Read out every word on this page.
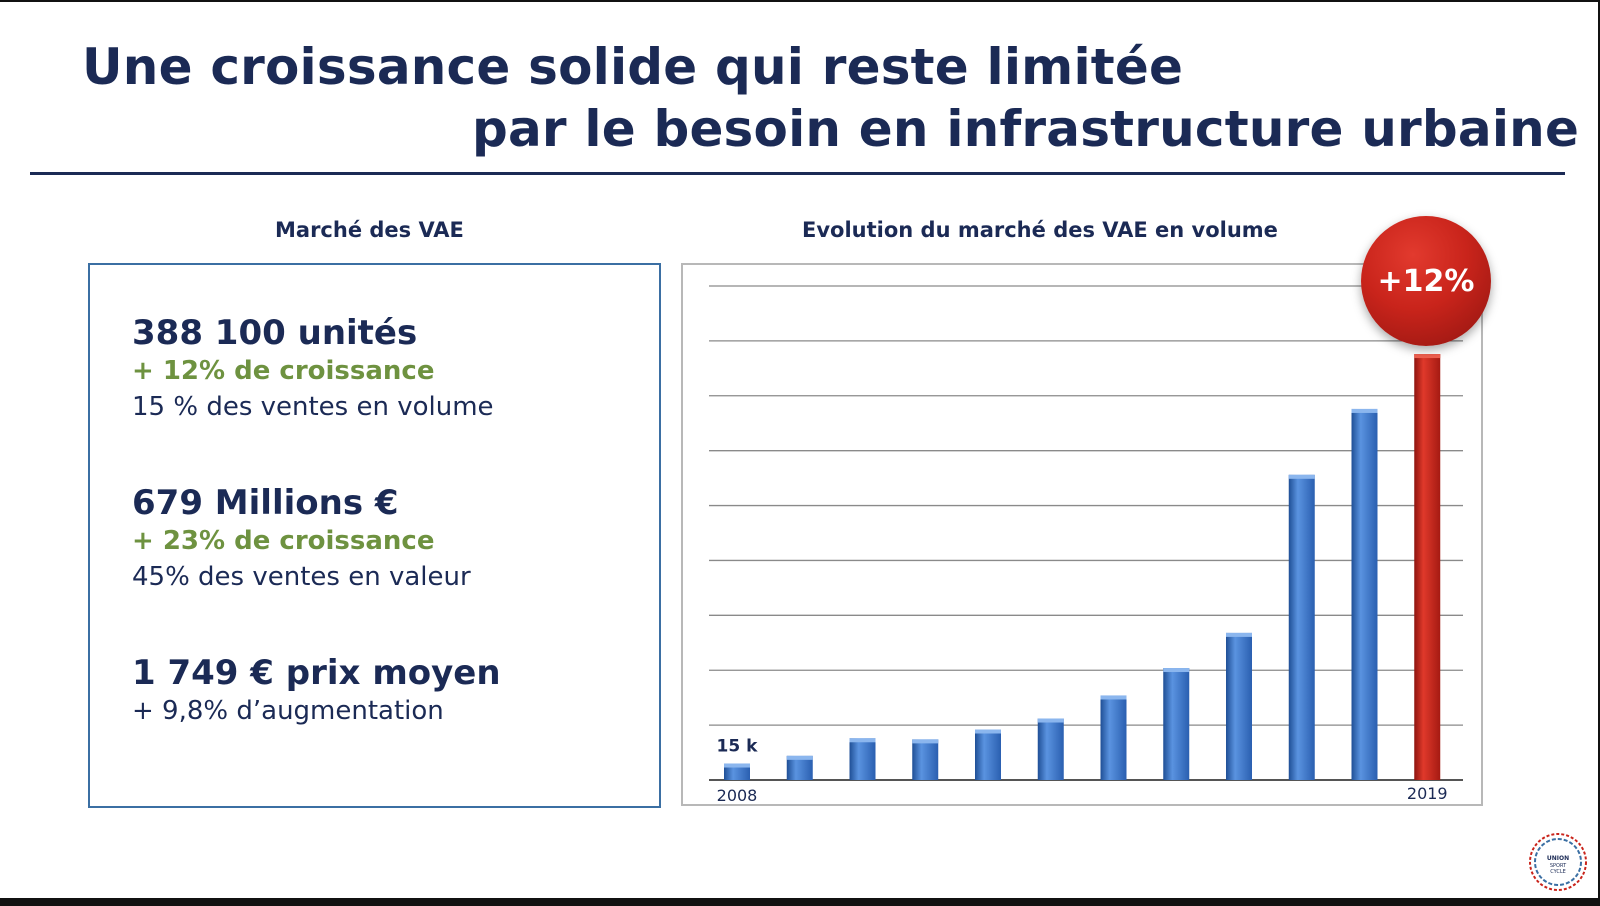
Une croissance solide qui reste limitée
par le besoin en infrastructure urbaine
Marché des VAE	Evolution du marché des VAE en volume
388 100 unités
+ 12% de croissance
15 % des ventes en volume
679 Millions €
+ 23% de croissance
45% des ventes en valeur
1 749 € prix moyen
+ 9,8% d’augmentation
15 k
2008	2019
+12%
UNION
SPORT
CYCLE
